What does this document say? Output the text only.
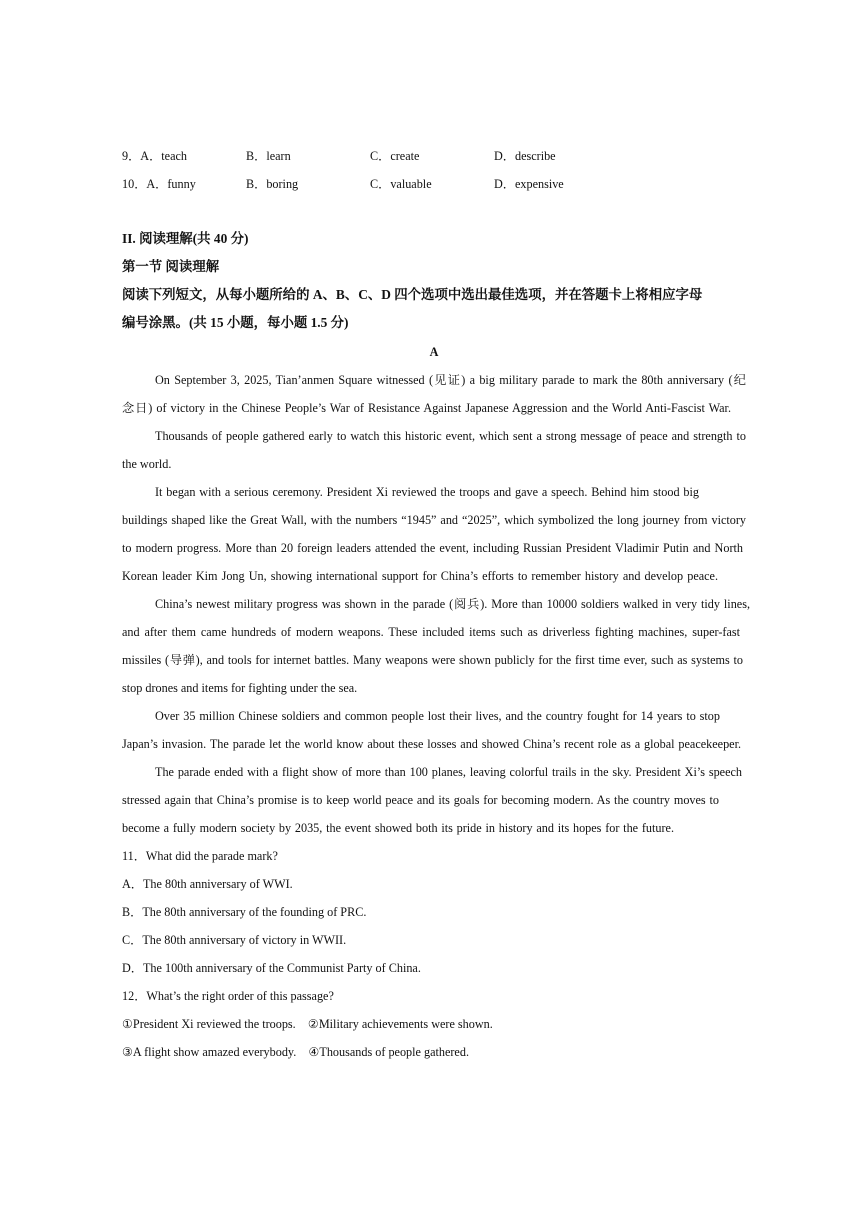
9．A．teach	B．learn	C．create	D．describe
10．A．funny	B．boring	C．valuable	D．expensive
II. 阅读理解(共 40 分)
第一节 阅读理解
阅读下列短文，从每小题所给的 A、B、C、D 四个选项中选出最佳选项，并在答题卡上将相应字母
编号涂黑。(共 15 小题，每小题 1.5 分)
A
On September 3, 2025, Tian’anmen Square witnessed (见证) a big military parade to mark the 80th anniversary (纪
念日) of victory in the Chinese People’s War of Resistance Against Japanese Aggression and the World Anti-Fascist War.
Thousands of people gathered early to watch this historic event, which sent a strong message of peace and strength to
the world.
It began with a serious ceremony. President Xi reviewed the troops and gave a speech. Behind him stood big
buildings shaped like the Great Wall, with the numbers “1945” and “2025”, which symbolized the long journey from victory
to modern progress. More than 20 foreign leaders attended the event, including Russian President Vladimir Putin and North
Korean leader Kim Jong Un, showing international support for China’s efforts to remember history and develop peace.
China’s newest military progress was shown in the parade (阅兵). More than 10000 soldiers walked in very tidy lines,
and after them came hundreds of modern weapons. These included items such as driverless fighting machines, super-fast
missiles (导弹), and tools for internet battles. Many weapons were shown publicly for the first time ever, such as systems to
stop drones and items for fighting under the sea.
Over 35 million Chinese soldiers and common people lost their lives, and the country fought for 14 years to stop
Japan’s invasion. The parade let the world know about these losses and showed China’s recent role as a global peacekeeper.
The parade ended with a flight show of more than 100 planes, leaving colorful trails in the sky. President Xi’s speech
stressed again that China’s promise is to keep world peace and its goals for becoming modern. As the country moves to
become a fully modern society by 2035, the event showed both its pride in history and its hopes for the future.
11．What did the parade mark?
A．The 80th anniversary of WWI.
B．The 80th anniversary of the founding of PRC.
C．The 80th anniversary of victory in WWII.
D．The 100th anniversary of the Communist Party of China.
12．What’s the right order of this passage?
①President Xi reviewed the troops.    ②Military achievements were shown.
③A flight show amazed everybody.    ④Thousands of people gathered.
